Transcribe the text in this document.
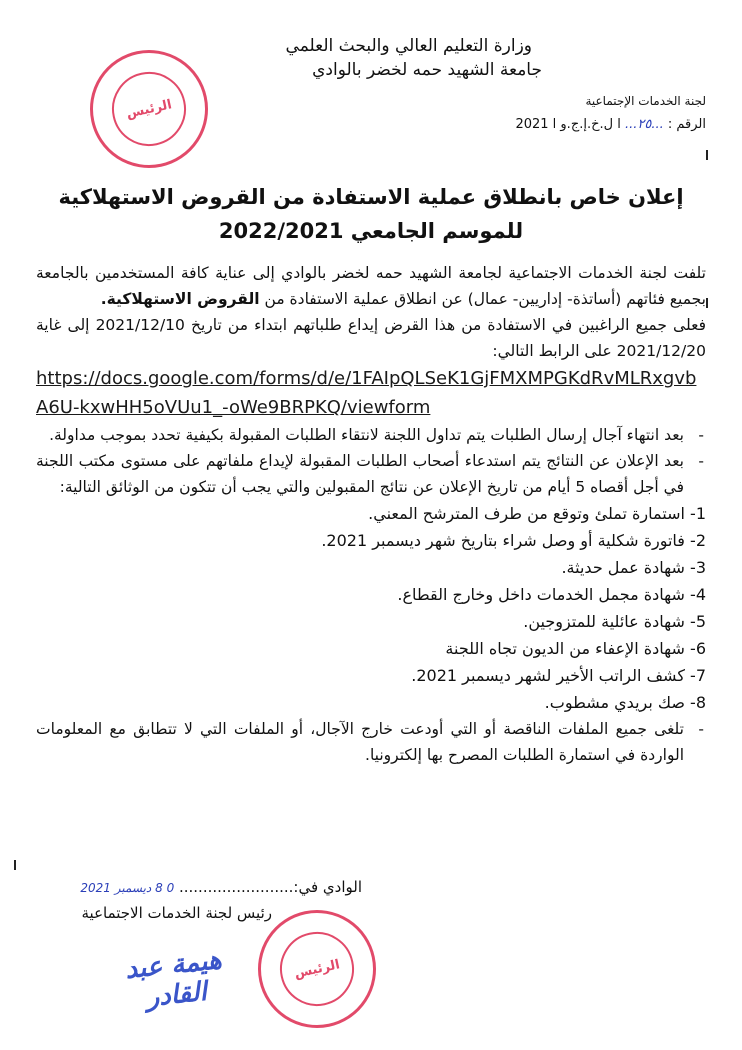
وزارة التعليم العالي والبحث العلمي
جامعة الشهيد حمه لخضر بالوادي
لجنة الخدمات الإجتماعية
الرقم : ...٢٥... ا ل.خ.إ.ج.و ا 2021
الرئيس
إعلان خاص بانطلاق عملية الاستفادة من القروض الاستهلاكية للموسم الجامعي 2022/2021

تلفت لجنة الخدمات الاجتماعية لجامعة الشهيد حمه لخضر بالوادي إلى عناية كافة المستخدمين بالجامعة بجميع فئاتهم (أساتذة- إداريين- عمال) عن انطلاق عملية الاستفادة من القروض الاستهلاكية.

فعلى جميع الراغبين في الاستفادة من هذا القرض إيداع طلباتهم ابتداء من تاريخ 2021/12/10 إلى غاية 2021/12/20 على الرابط التالي:

https://docs.google.com/forms/d/e/1FAIpQLSeK1GjFMXMPGKdRvMLRxgvbA6U-kxwHH5oVUu1_-oWe9BRPKQ/viewform
- بعد انتهاء آجال إرسال الطلبات يتم تداول اللجنة لانتقاء الطلبات المقبولة بكيفية تحدد بموجب مداولة.
- بعد الإعلان عن النتائج يتم استدعاء أصحاب الطلبات المقبولة لإيداع ملفاتهم على مستوى مكتب اللجنة في أجل أقصاه 5 أيام من تاريخ الإعلان عن نتائج المقبولين والتي يجب أن تتكون من الوثائق التالية:
1- استمارة تملئ وتوقع من طرف المترشح المعني.
2- فاتورة شكلية أو وصل شراء بتاريخ شهر ديسمبر 2021.
3- شهادة عمل حديثة.
4- شهادة مجمل الخدمات داخل وخارج القطاع.
5- شهادة عائلية للمتزوجين.
6- شهادة الإعفاء من الديون تجاه اللجنة
7- كشف الراتب الأخير لشهر ديسمبر 2021.
8- صك بريدي مشطوب.
- تلغى جميع الملفات الناقصة أو التي أودعت خارج الآجال، أو الملفات التي لا تتطابق مع المعلومات الواردة في استمارة الطلبات المصرح بها إلكترونيا.
الوادي في:........................ 0 8 ديسمبر 2021
رئيس لجنة الخدمات الاجتماعية
الرئيس
هيمة عبد القادر
